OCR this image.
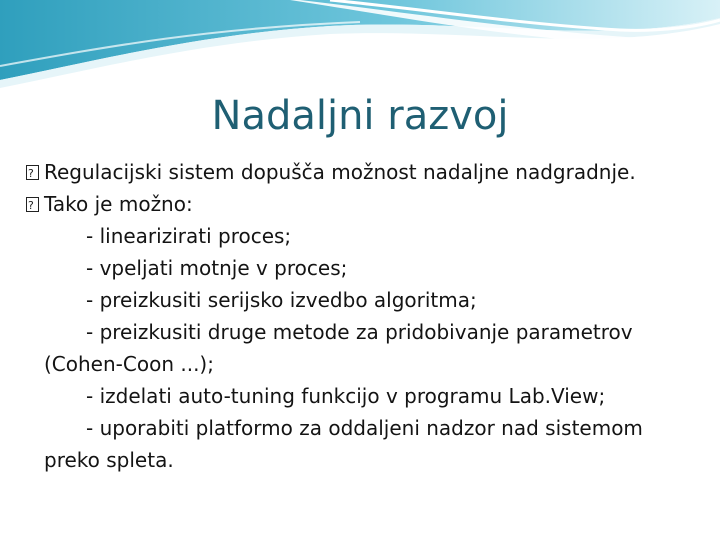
Nadaljni razvoj
?
Regulacijski sistem dopušča možnost nadaljne nadgradnje.
?
Tako je možno:
- linearizirati proces;
- vpeljati motnje v proces;
- preizkusiti serijsko izvedbo algoritma;
- preizkusiti druge metode za pridobivanje parametrov (Cohen-Coon ...);
- izdelati auto-tuning funkcijo v programu Lab.View;
- uporabiti platformo za oddaljeni nadzor nad sistemom preko spleta.
